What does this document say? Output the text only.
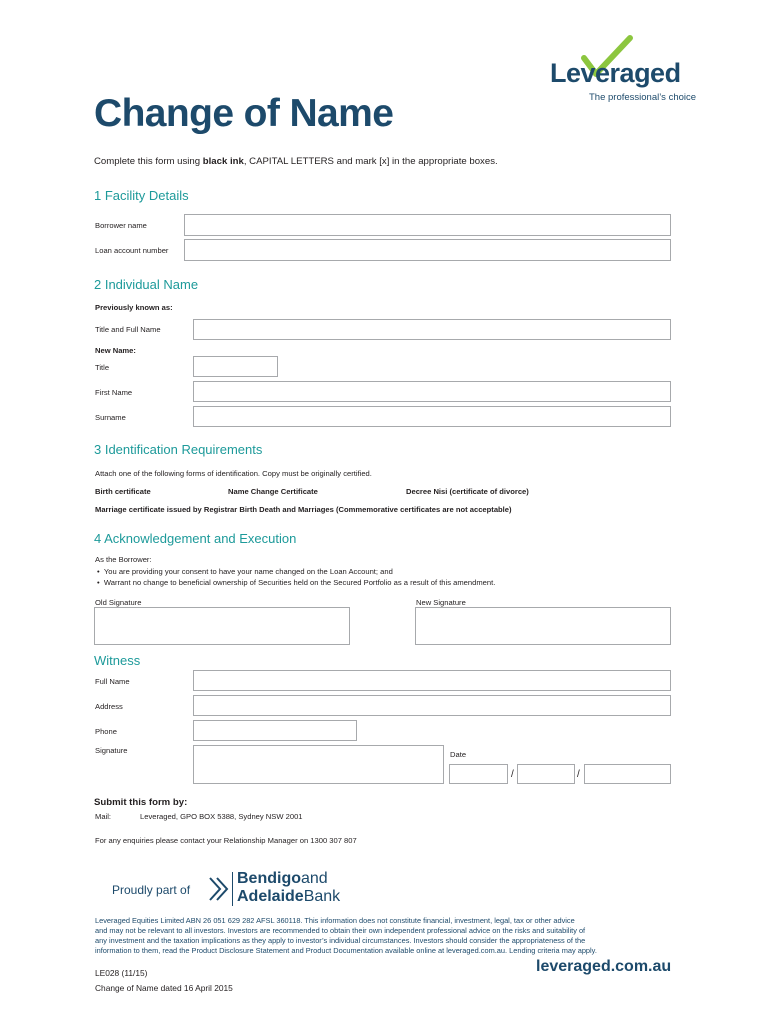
Leveraged
The professional’s choice
Change of Name
Complete this form using black ink, CAPITAL LETTERS and mark [x] in the appropriate boxes.
1 Facility Details
Borrower name
Loan account number
2 Individual Name
Previously known as:
Title and Full Name
New Name:
Title
First Name
Surname
3 Identification Requirements
Attach one of the following forms of identification. Copy must be originally certified.
Birth certificate	Name Change Certificate	Decree Nisi (certificate of divorce)
Marriage certificate issued by Registrar Birth Death and Marriages (Commemorative certificates are not acceptable)
4 Acknowledgement and Execution
As the Borrower:
•  You are providing your consent to have your name changed on the Loan Account; and
•  Warrant no change to beneficial ownership of Securities held on the Secured Portfolio as a result of this amendment.
Old Signature	New Signature
Witness
Full Name
Address
Phone
Signature	Date
/	/
Submit this form by:
Mail:	Leveraged, GPO BOX 5388, Sydney NSW 2001
For any enquiries please contact your Relationship Manager on 1300 307 807
Proudly part of
Bendigoand
AdelaideBank
Leveraged Equities Limited ABN 26 051 629 282 AFSL 360118. This information does not constitute financial, investment, legal, tax or other advice
and may not be relevant to all investors. Investors are recommended to obtain their own independent professional advice on the risks and suitability of
any investment and the taxation implications as they apply to investor’s individual circumstances. Investors should consider the appropriateness of the
information to them, read the Product Disclosure Statement and Product Documentation available online at leveraged.com.au. Lending criteria may apply.
leveraged.com.au
LE028 (11/15)
Change of Name dated 16 April 2015
